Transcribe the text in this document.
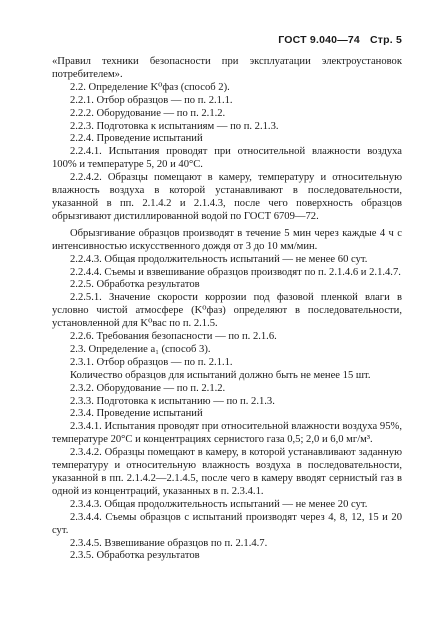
ГОСТ 9.040—74 Стр. 5

«Правил техники безопасности при эксплуатации электроустановок потребителем».

2.2. Определение K⁰фаз (способ 2).

2.2.1. Отбор образцов — по п. 2.1.1.

2.2.2. Оборудование — по п. 2.1.2.

2.2.3. Подготовка к испытаниям — по п. 2.1.3.

2.2.4. Проведение испытаний

2.2.4.1. Испытания проводят при относительной влажности воздуха 100% и температуре 5, 20 и 40°С.

2.2.4.2. Образцы помещают в камеру, температуру и относительную влажность воздуха в которой устанавливают в последовательности, указанной в пп. 2.1.4.2 и 2.1.4.3, после чего поверхность образцов обрызгивают дистиллированной водой по ГОСТ 6709—72.

Обрызгивание образцов производят в течение 5 мин через каждые 4 ч с интенсивностью искусственного дождя от 3 до 10 мм/мин.

2.2.4.3. Общая продолжительность испытаний — не менее 60 сут.

2.2.4.4. Съемы и взвешивание образцов производят по п. 2.1.4.6 и 2.1.4.7.

2.2.5. Обработка результатов

2.2.5.1. Значение скорости коррозии под фазовой пленкой влаги в условно чистой атмосфере (K⁰фаз) определяют в последовательности, установленной для K⁰вас по п. 2.1.5.

2.2.6. Требования безопасности — по п. 2.1.6.

2.3. Определение a₁ (способ 3).

2.3.1. Отбор образцов — по п. 2.1.1.

Количество образцов для испытаний должно быть не менее 15 шт.

2.3.2. Оборудование — по п. 2.1.2.

2.3.3. Подготовка к испытанию — по п. 2.1.3.

2.3.4. Проведение испытаний

2.3.4.1. Испытания проводят при относительной влажности воздуха 95%, температуре 20°С и концентрациях сернистого газа 0,5; 2,0 и 6,0 мг/м³.

2.3.4.2. Образцы помещают в камеру, в которой устанавливают заданную температуру и относительную влажность воздуха в последовательности, указанной в пп. 2.1.4.2—2.1.4.5, после чего в камеру вводят сернистый газ в одной из концентраций, указанных в п. 2.3.4.1.

2.3.4.3. Общая продолжительность испытаний — не менее 20 сут.

2.3.4.4. Съемы образцов с испытаний производят через 4, 8, 12, 15 и 20 сут.

2.3.4.5. Взвешивание образцов по п. 2.1.4.7.

2.3.5. Обработка результатов
